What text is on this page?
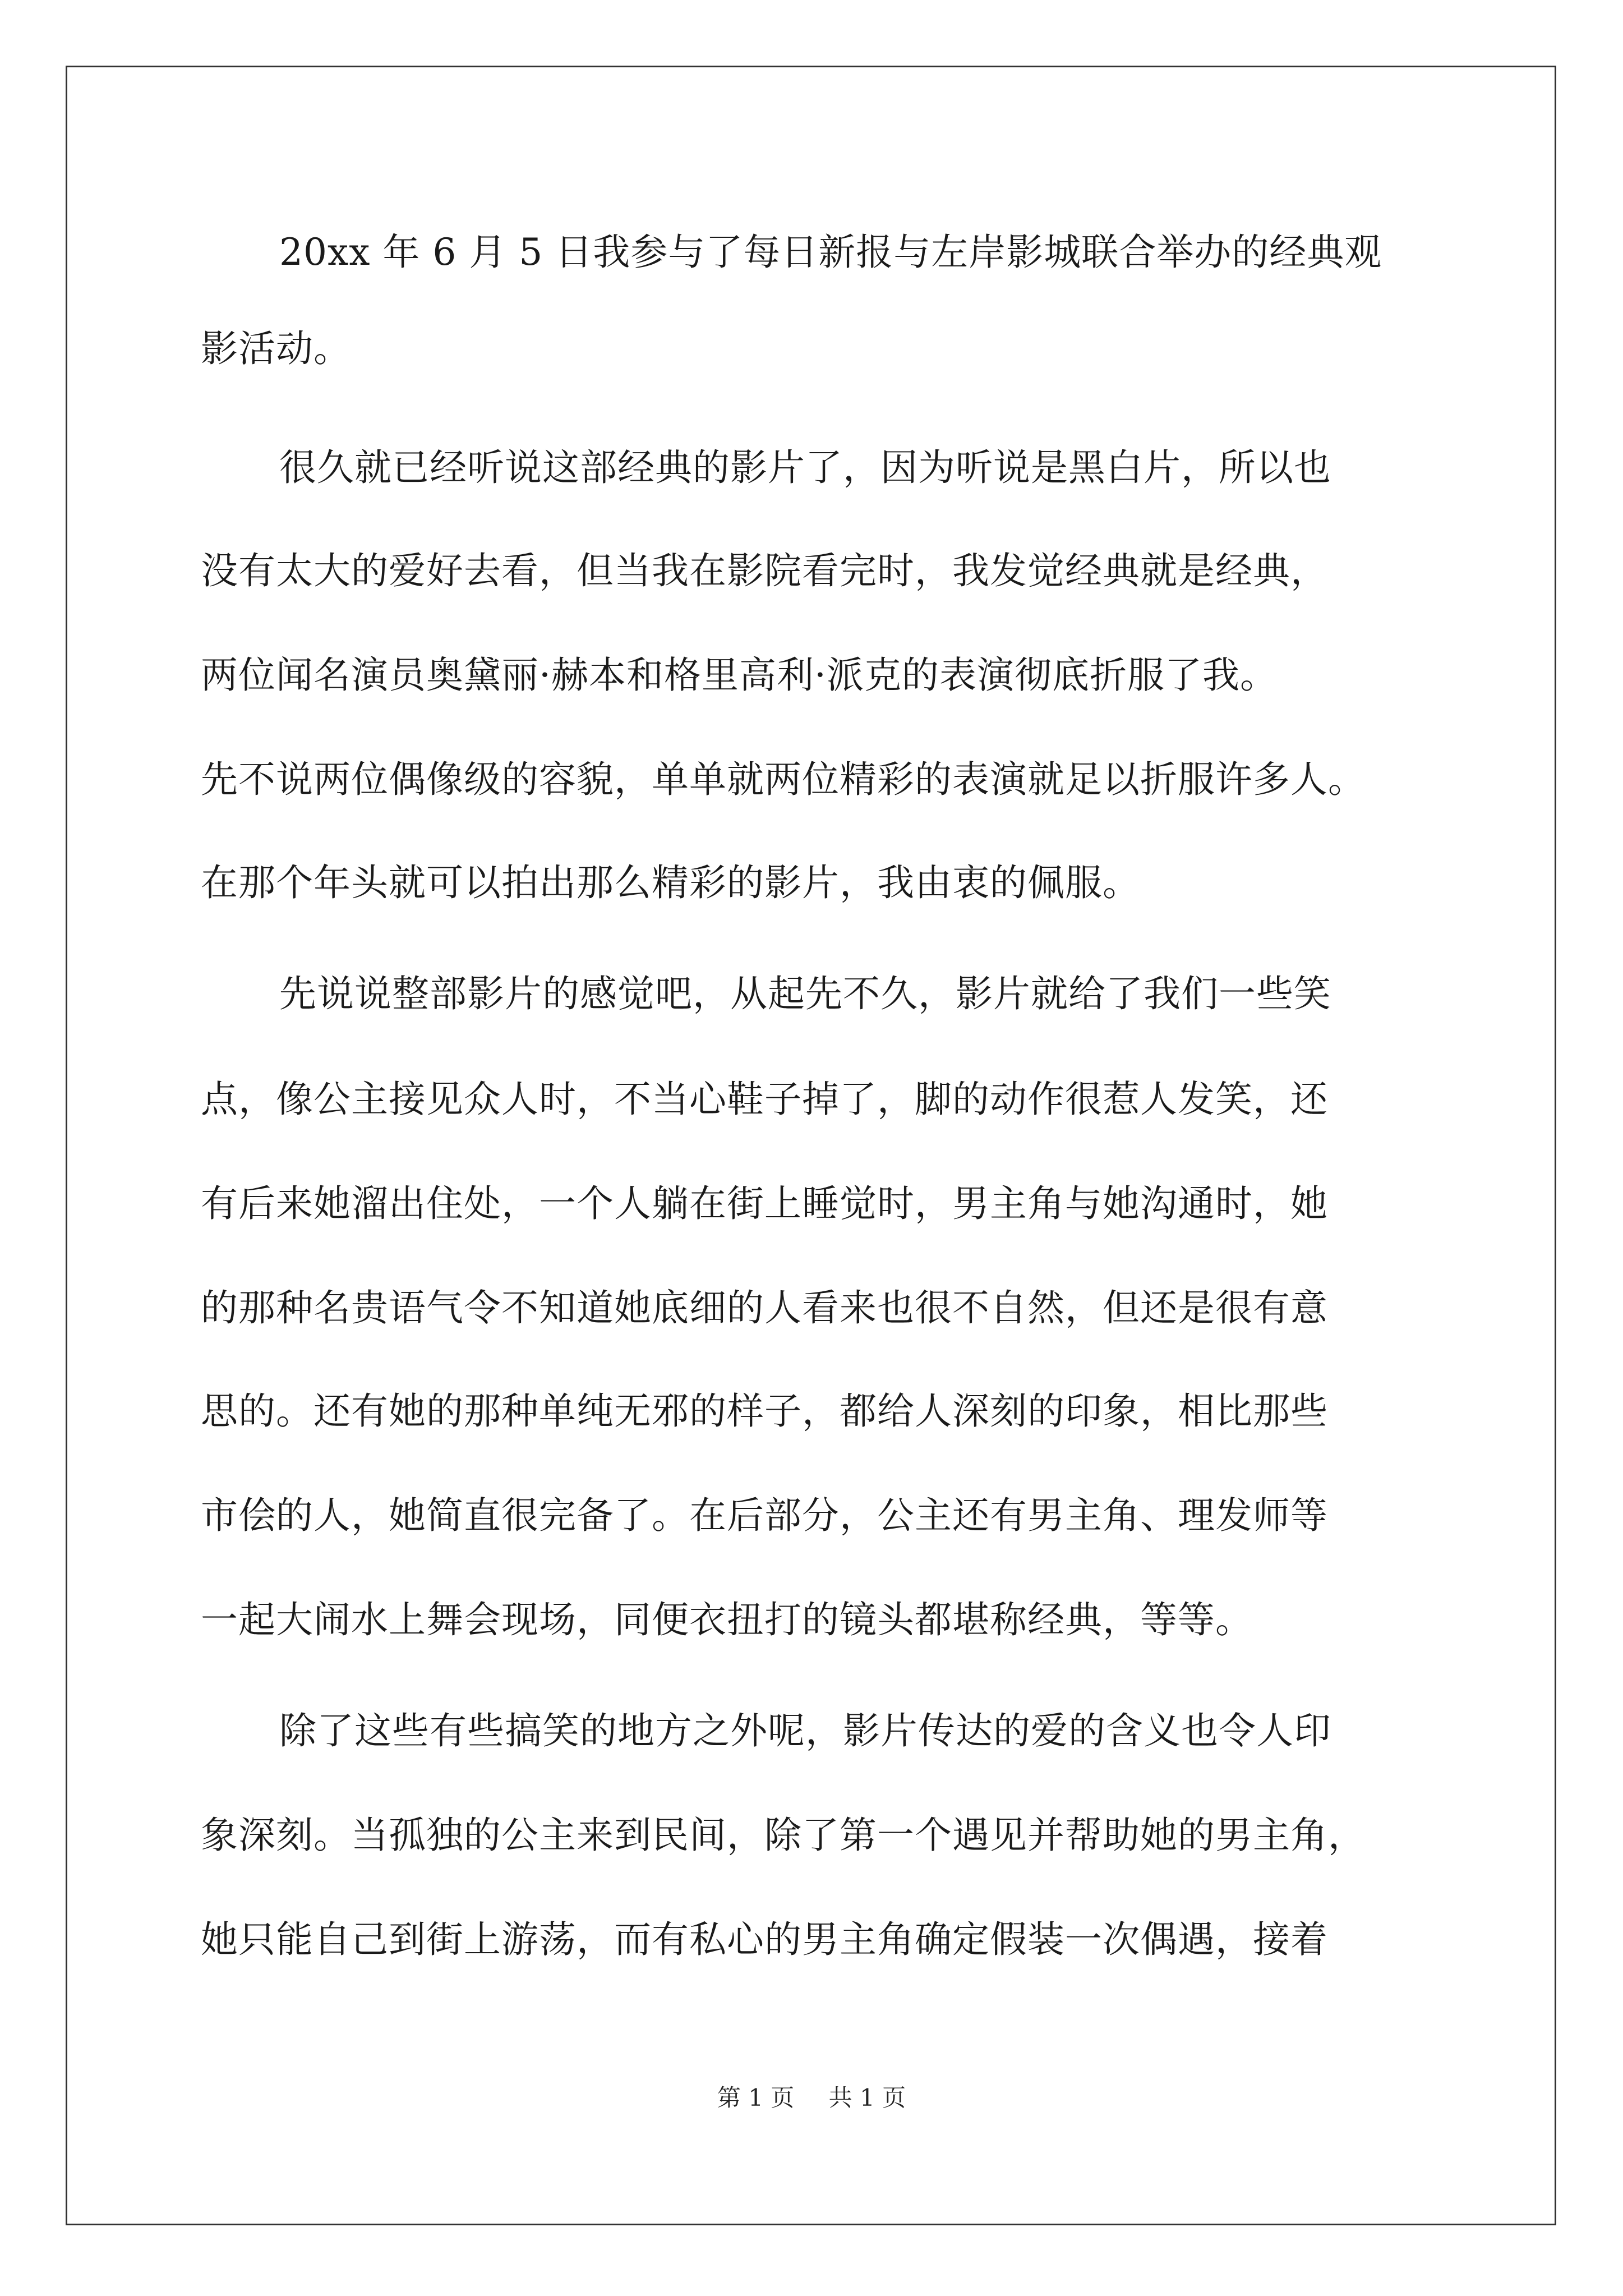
20xx 年 6 月 5 日我参与了每日新报与左岸影城联合举办的经典观
影活动。
很久就已经听说这部经典的影片了，因为听说是黑白片，所以也
没有太大的爱好去看，但当我在影院看完时，我发觉经典就是经典，
两位闻名演员奥黛丽·赫本和格里高利·派克的表演彻底折服了我。
先不说两位偶像级的容貌，单单就两位精彩的表演就足以折服许多人。
在那个年头就可以拍出那么精彩的影片，我由衷的佩服。
先说说整部影片的感觉吧，从起先不久，影片就给了我们一些笑
点，像公主接见众人时，不当心鞋子掉了，脚的动作很惹人发笑，还
有后来她溜出住处，一个人躺在街上睡觉时，男主角与她沟通时，她
的那种名贵语气令不知道她底细的人看来也很不自然，但还是很有意
思的。还有她的那种单纯无邪的样子，都给人深刻的印象，相比那些
市侩的人，她简直很完备了。在后部分，公主还有男主角、理发师等
一起大闹水上舞会现场，同便衣扭打的镜头都堪称经典，等等。
除了这些有些搞笑的地方之外呢，影片传达的爱的含义也令人印
象深刻。当孤独的公主来到民间，除了第一个遇见并帮助她的男主角，
她只能自己到街上游荡，而有私心的男主角确定假装一次偶遇，接着
第 1 页 共 1 页
